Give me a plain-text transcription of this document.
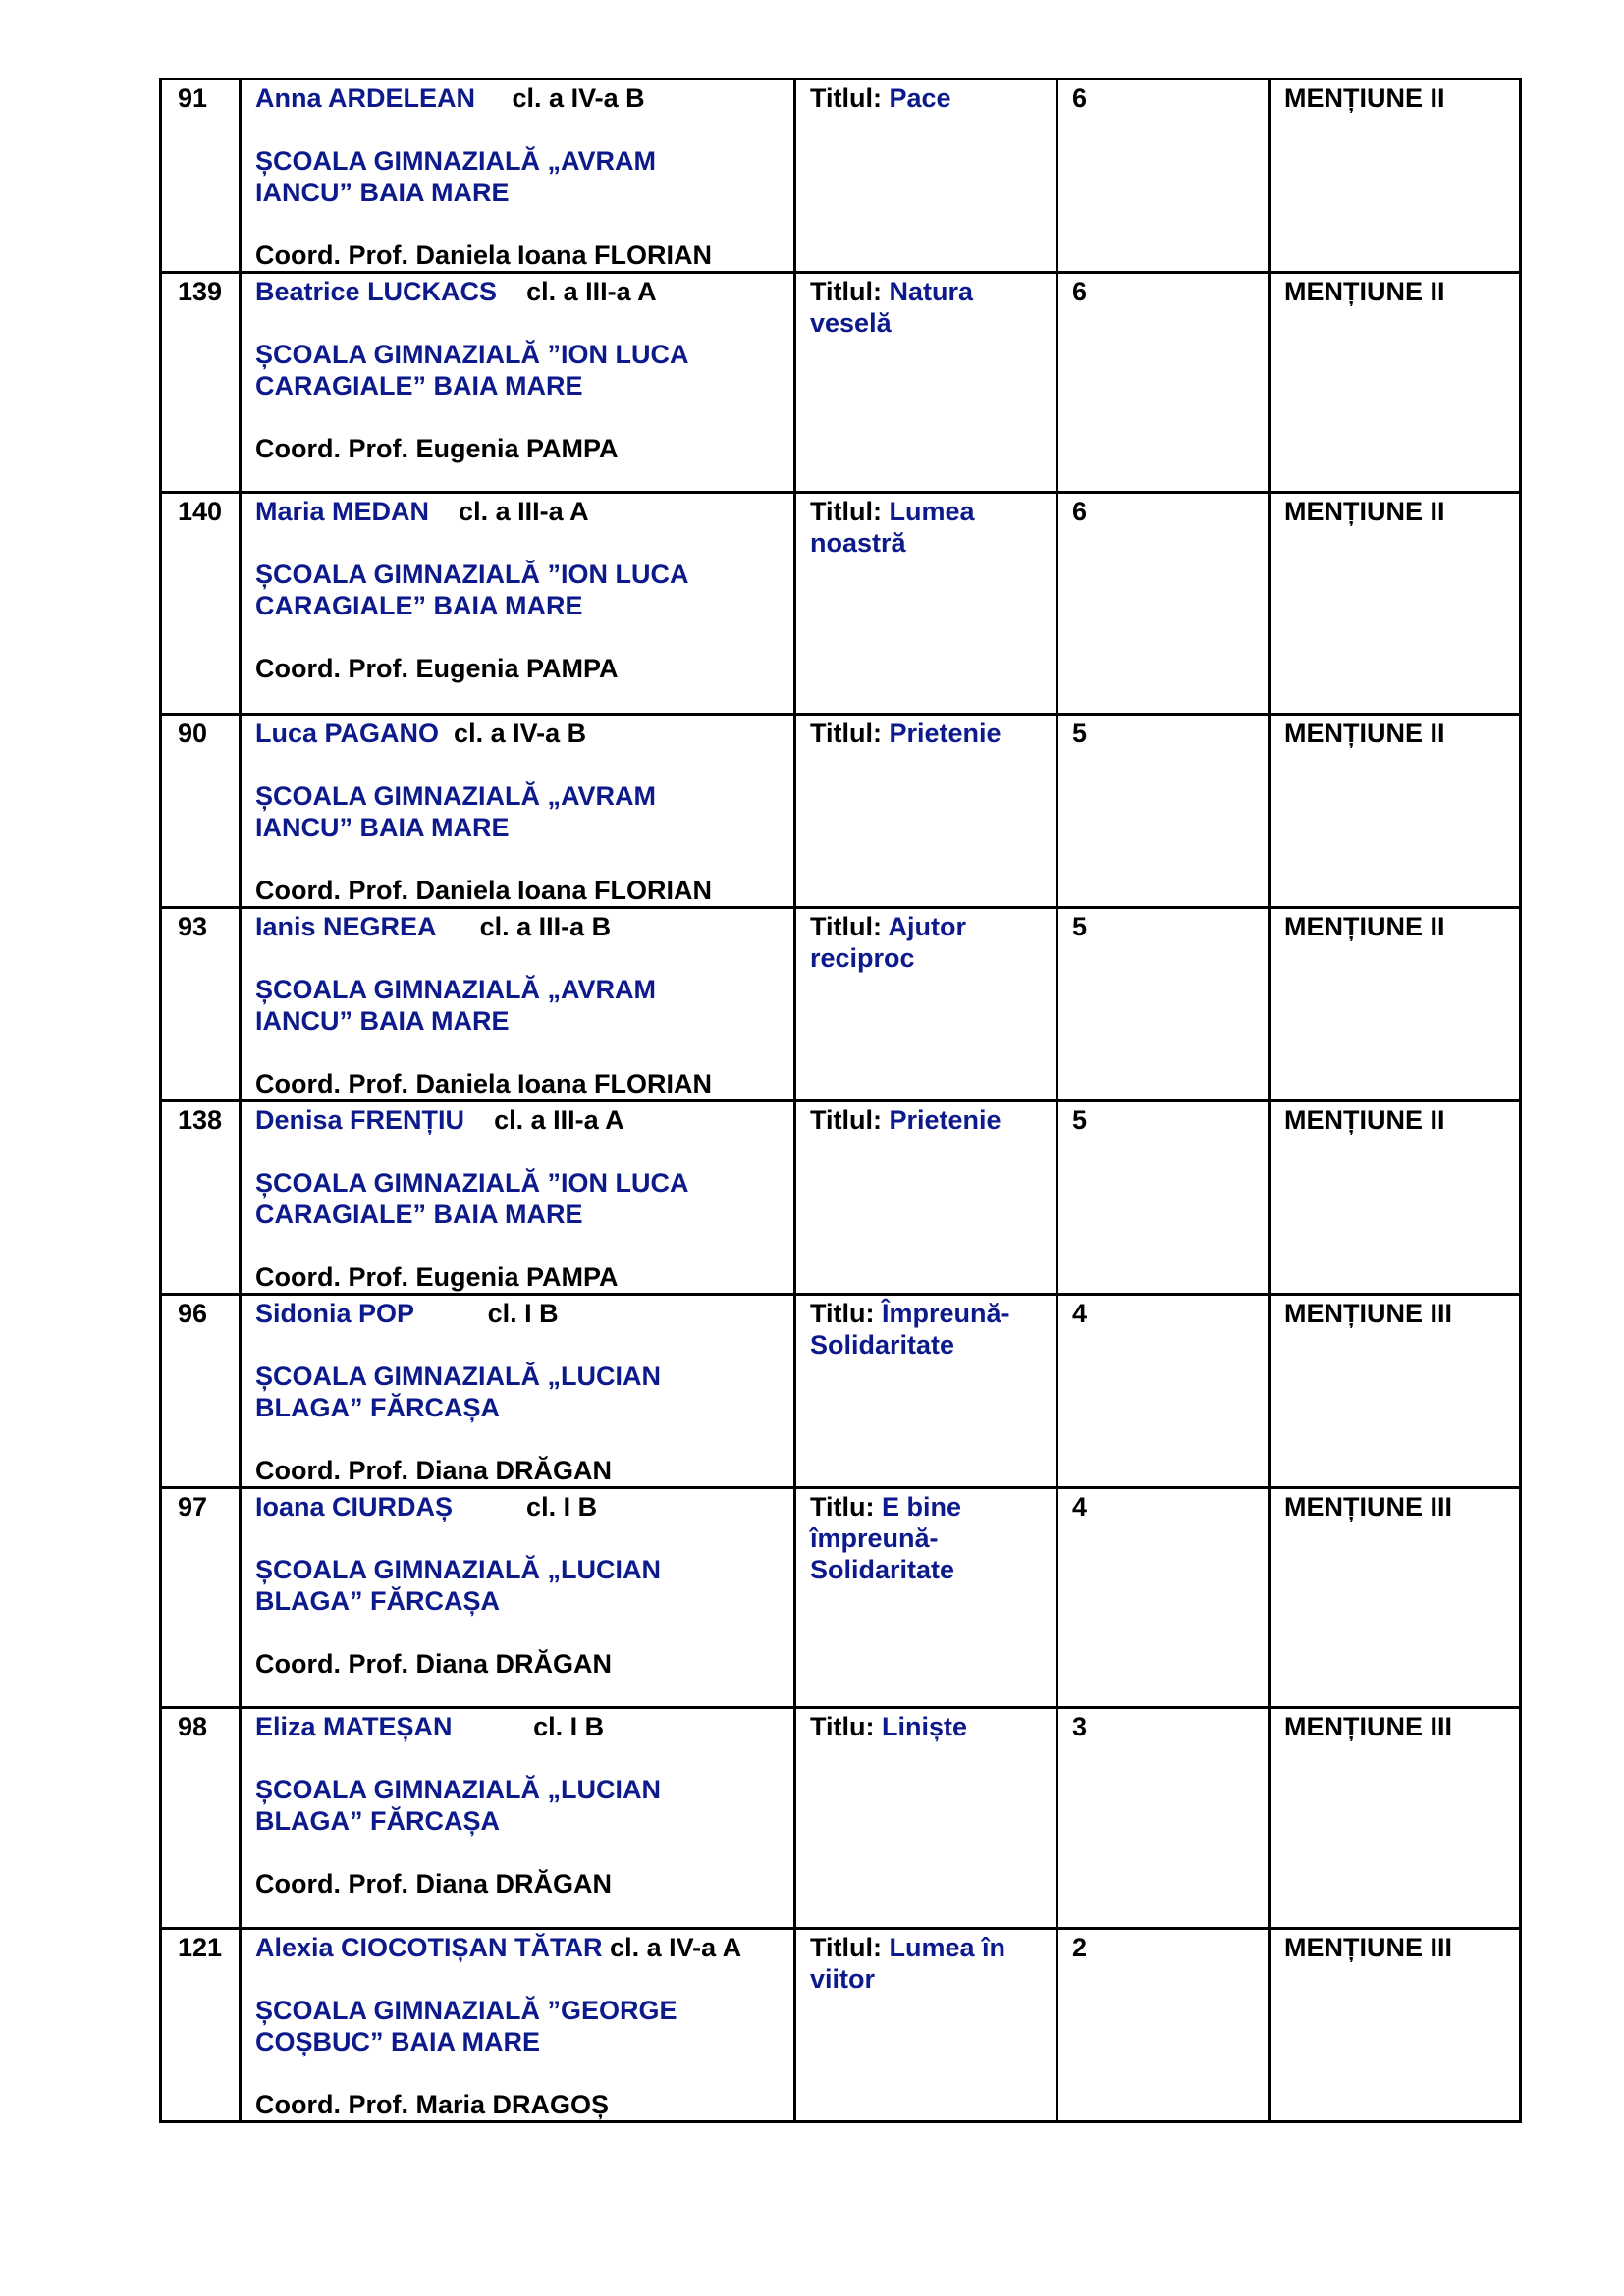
91	Anna ARDELEAN cl. a IV-a B
ȘCOALA GIMNAZIALĂ „AVRAM
IANCU” BAIA MARE
Coord. Prof. Daniela Ioana FLORIAN	Titlul: Pace	6	MENȚIUNE II

139	Beatrice LUCKACS cl. a III-a A
ȘCOALA GIMNAZIALĂ ”ION LUCA
CARAGIALE” BAIA MARE
Coord. Prof. Eugenia PAMPA	Titlul: Natura veselă	6	MENȚIUNE II

140	Maria MEDAN cl. a III-a A
ȘCOALA GIMNAZIALĂ ”ION LUCA
CARAGIALE” BAIA MARE
Coord. Prof. Eugenia PAMPA	Titlul: Lumea noastră	6	MENȚIUNE II

90	Luca PAGANO cl. a IV-a B
ȘCOALA GIMNAZIALĂ „AVRAM
IANCU” BAIA MARE
Coord. Prof. Daniela Ioana FLORIAN	Titlul: Prietenie	5	MENȚIUNE II

93	Ianis NEGREA cl. a III-a B
ȘCOALA GIMNAZIALĂ „AVRAM
IANCU” BAIA MARE
Coord. Prof. Daniela Ioana FLORIAN	Titlul: Ajutor reciproc	5	MENȚIUNE II

138	Denisa FRENȚIU cl. a III-a A
ȘCOALA GIMNAZIALĂ ”ION LUCA
CARAGIALE” BAIA MARE
Coord. Prof. Eugenia PAMPA	Titlul: Prietenie	5	MENȚIUNE II

96	Sidonia POP cl. I B
ȘCOALA GIMNAZIALĂ „LUCIAN
BLAGA” FĂRCAȘA
Coord. Prof. Diana DRĂGAN	Titlu: Împreună-Solidaritate	4	MENȚIUNE III

97	Ioana CIURDAȘ cl. I B
ȘCOALA GIMNAZIALĂ „LUCIAN
BLAGA” FĂRCAȘA
Coord. Prof. Diana DRĂGAN	Titlu: E bine împreună-Solidaritate	4	MENȚIUNE III

98	Eliza MATEȘAN cl. I B
ȘCOALA GIMNAZIALĂ „LUCIAN
BLAGA” FĂRCAȘA
Coord. Prof. Diana DRĂGAN	Titlu: Liniște	3	MENȚIUNE III

121	Alexia CIOCOTIȘAN TĂTAR cl. a IV-a A
ȘCOALA GIMNAZIALĂ ”GEORGE
COȘBUC” BAIA MARE
Coord. Prof. Maria DRAGOȘ	Titlul: Lumea în viitor	2	MENȚIUNE III
